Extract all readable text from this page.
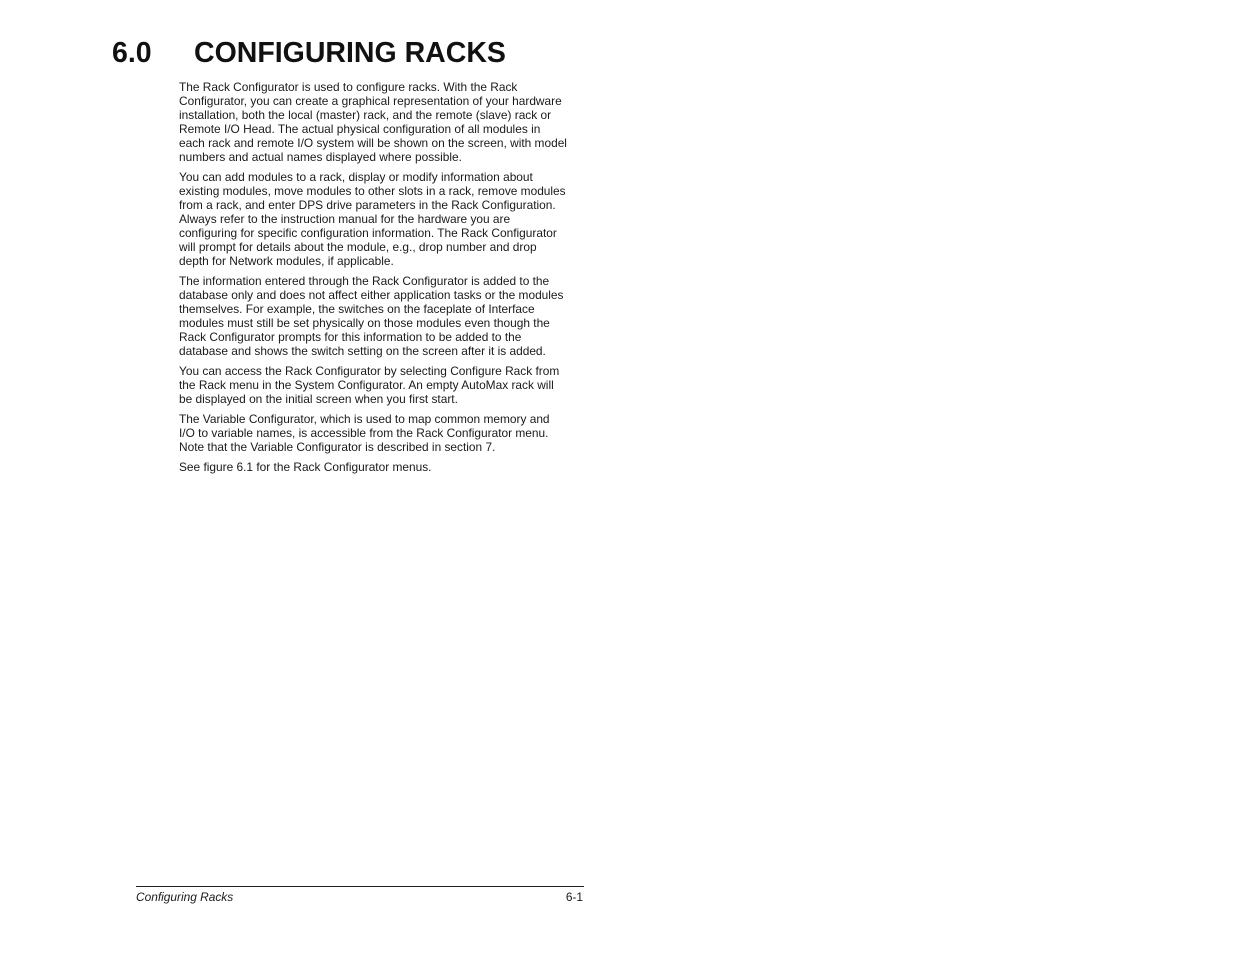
6.0 CONFIGURING RACKS

The Rack Configurator is used to configure racks. With the Rack Configurator, you can create a graphical representation of your hardware installation, both the local (master) rack, and the remote (slave) rack or Remote I/O Head. The actual physical configuration of all modules in each rack and remote I/O system will be shown on the screen, with model numbers and actual names displayed where possible.

You can add modules to a rack, display or modify information about existing modules, move modules to other slots in a rack, remove modules from a rack, and enter DPS drive parameters in the Rack Configuration. Always refer to the instruction manual for the hardware you are configuring for specific configuration information. The Rack Configurator will prompt for details about the module, e.g., drop number and drop depth for Network modules, if applicable.

The information entered through the Rack Configurator is added to the database only and does not affect either application tasks or the modules themselves. For example, the switches on the faceplate of Interface modules must still be set physically on those modules even though the Rack Configurator prompts for this information to be added to the database and shows the switch setting on the screen after it is added.

You can access the Rack Configurator by selecting Configure Rack from the Rack menu in the System Configurator. An empty AutoMax rack will be displayed on the initial screen when you first start.

The Variable Configurator, which is used to map common memory and I/O to variable names, is accessible from the Rack Configurator menu. Note that the Variable Configurator is described in section 7.

See figure 6.1 for the Rack Configurator menus.

Configuring Racks	6-1
